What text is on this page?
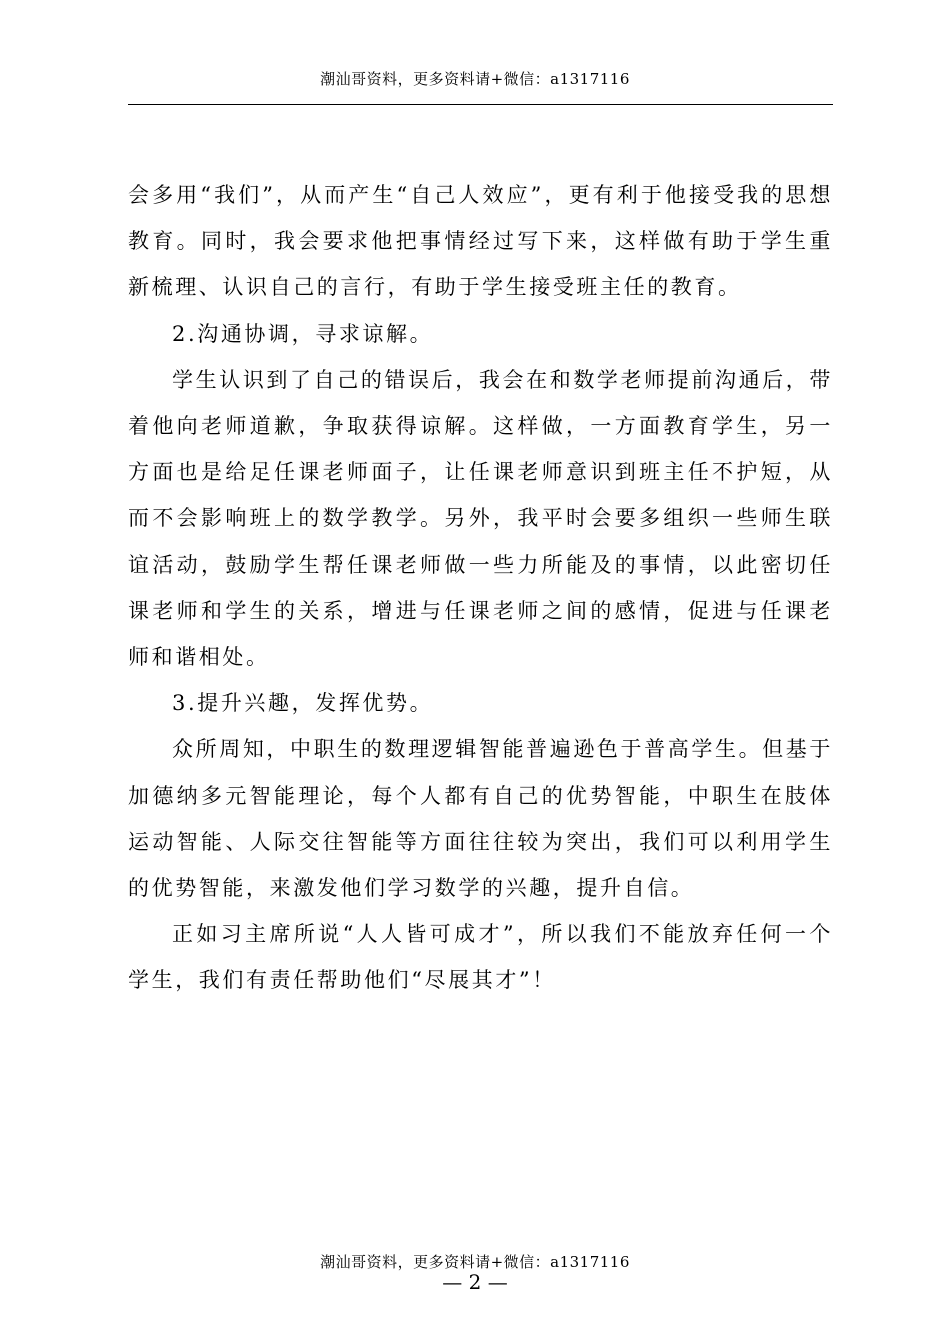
潮汕哥资料，更多资料请+微信：a1317116

会多用“我们”，从而产生“自己人效应”，更有利于他接受我的思想教育。同时，我会要求他把事情经过写下来，这样做有助于学生重新梳理、认识自己的言行，有助于学生接受班主任的教育。

2.沟通协调，寻求谅解。

学生认识到了自己的错误后，我会在和数学老师提前沟通后，带着他向老师道歉，争取获得谅解。这样做，一方面教育学生，另一方面也是给足任课老师面子，让任课老师意识到班主任不护短，从而不会影响班上的数学教学。另外，我平时会要多组织一些师生联谊活动，鼓励学生帮任课老师做一些力所能及的事情，以此密切任课老师和学生的关系，增进与任课老师之间的感情，促进与任课老师和谐相处。

3.提升兴趣，发挥优势。

众所周知，中职生的数理逻辑智能普遍逊色于普高学生。但基于加德纳多元智能理论，每个人都有自己的优势智能，中职生在肢体运动智能、人际交往智能等方面往往较为突出，我们可以利用学生的优势智能，来激发他们学习数学的兴趣，提升自信。

正如习主席所说“人人皆可成才”，所以我们不能放弃任何一个学生，我们有责任帮助他们“尽展其才”！

潮汕哥资料，更多资料请+微信：a1317116
— 2 —
